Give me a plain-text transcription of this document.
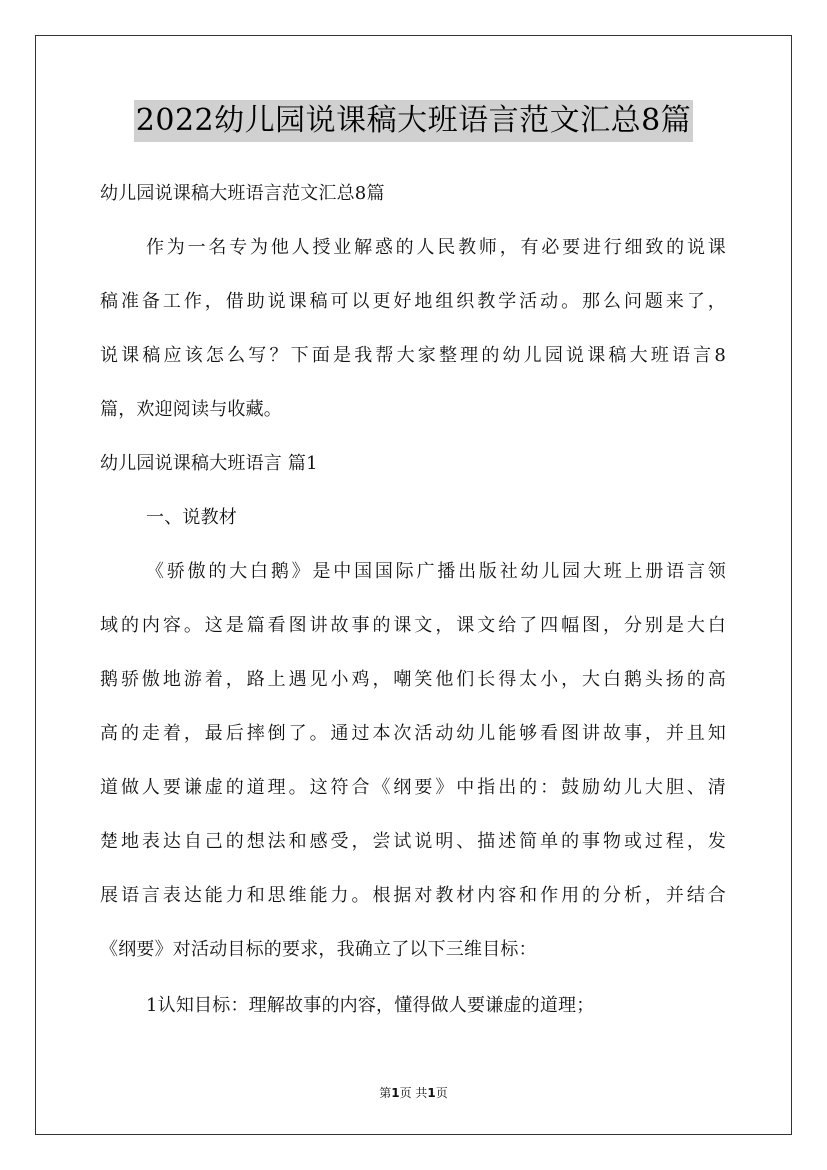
2022幼儿园说课稿大班语言范文汇总8篇
幼儿园说课稿大班语言范文汇总8篇
作为一名专为他人授业解惑的人民教师，有必要进行细致的说课
稿准备工作，借助说课稿可以更好地组织教学活动。那么问题来了，
说课稿应该怎么写？下面是我帮大家整理的幼儿园说课稿大班语言8
篇，欢迎阅读与收藏。
幼儿园说课稿大班语言 篇1
一、说教材
《骄傲的大白鹅》是中国国际广播出版社幼儿园大班上册语言领
域的内容。这是篇看图讲故事的课文，课文给了四幅图，分别是大白
鹅骄傲地游着，路上遇见小鸡，嘲笑他们长得太小，大白鹅头扬的高
高的走着，最后摔倒了。通过本次活动幼儿能够看图讲故事，并且知
道做人要谦虚的道理。这符合《纲要》中指出的：鼓励幼儿大胆、清
楚地表达自己的想法和感受，尝试说明、描述简单的事物或过程，发
展语言表达能力和思维能力。根据对教材内容和作用的分析，并结合
《纲要》对活动目标的要求，我确立了以下三维目标：
1认知目标：理解故事的内容，懂得做人要谦虚的道理；
第1页 共1页
